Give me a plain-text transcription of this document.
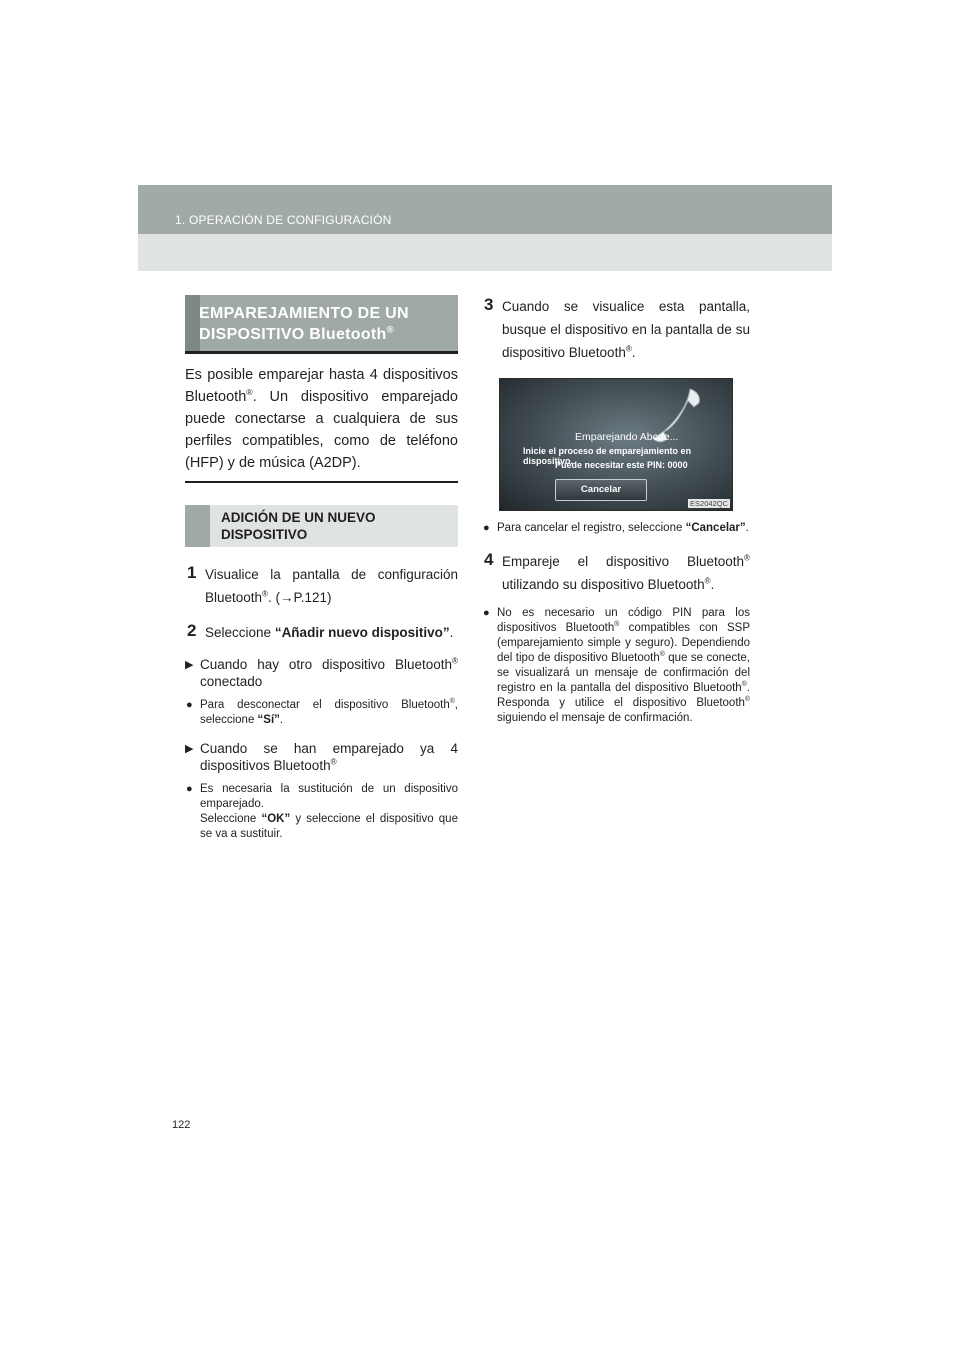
1. OPERACIÓN DE CONFIGURACIÓN
EMPAREJAMIENTO DE UN
DISPOSITIVO Bluetooth®

Es posible emparejar hasta 4 dispositivos Bluetooth®. Un dispositivo emparejado puede conectarse a cualquiera de sus perfiles compatibles, como de teléfono (HFP) y de música (A2DP).

ADICIÓN DE UN NUEVO
DISPOSITIVO
1 Visualice la pantalla de configuración Bluetooth®. (→P.121)

2 Seleccione “Añadir nuevo dispositivo”.

▶ Cuando hay otro dispositivo Bluetooth® conectado

● Para desconectar el dispositivo Bluetooth®, seleccione “Sí”.

▶ Cuando se han emparejado ya 4 dispositivos Bluetooth®

● Es necesaria la sustitución de un dispositivo emparejado.
Seleccione “OK” y seleccione el dispositivo que se va a sustituir.

3 Cuando se visualice esta pantalla, busque el dispositivo en la pantalla de su dispositivo Bluetooth®.

Emparejando Abcde...
Inicie el proceso de emparejamiento en dispositivo.
Puede necesitar este PIN: 0000
Cancelar
ES2042QC
● Para cancelar el registro, seleccione “Cancelar”.

4 Empareje el dispositivo Bluetooth® utilizando su dispositivo Bluetooth®.

● No es necesario un código PIN para los dispositivos Bluetooth® compatibles con SSP (emparejamiento simple y seguro). Dependiendo del tipo de dispositivo Bluetooth® que se conecte, se visualizará un mensaje de confirmación del registro en la pantalla del dispositivo Bluetooth®. Responda y utilice el dispositivo Bluetooth® siguiendo el mensaje de confirmación.

122
